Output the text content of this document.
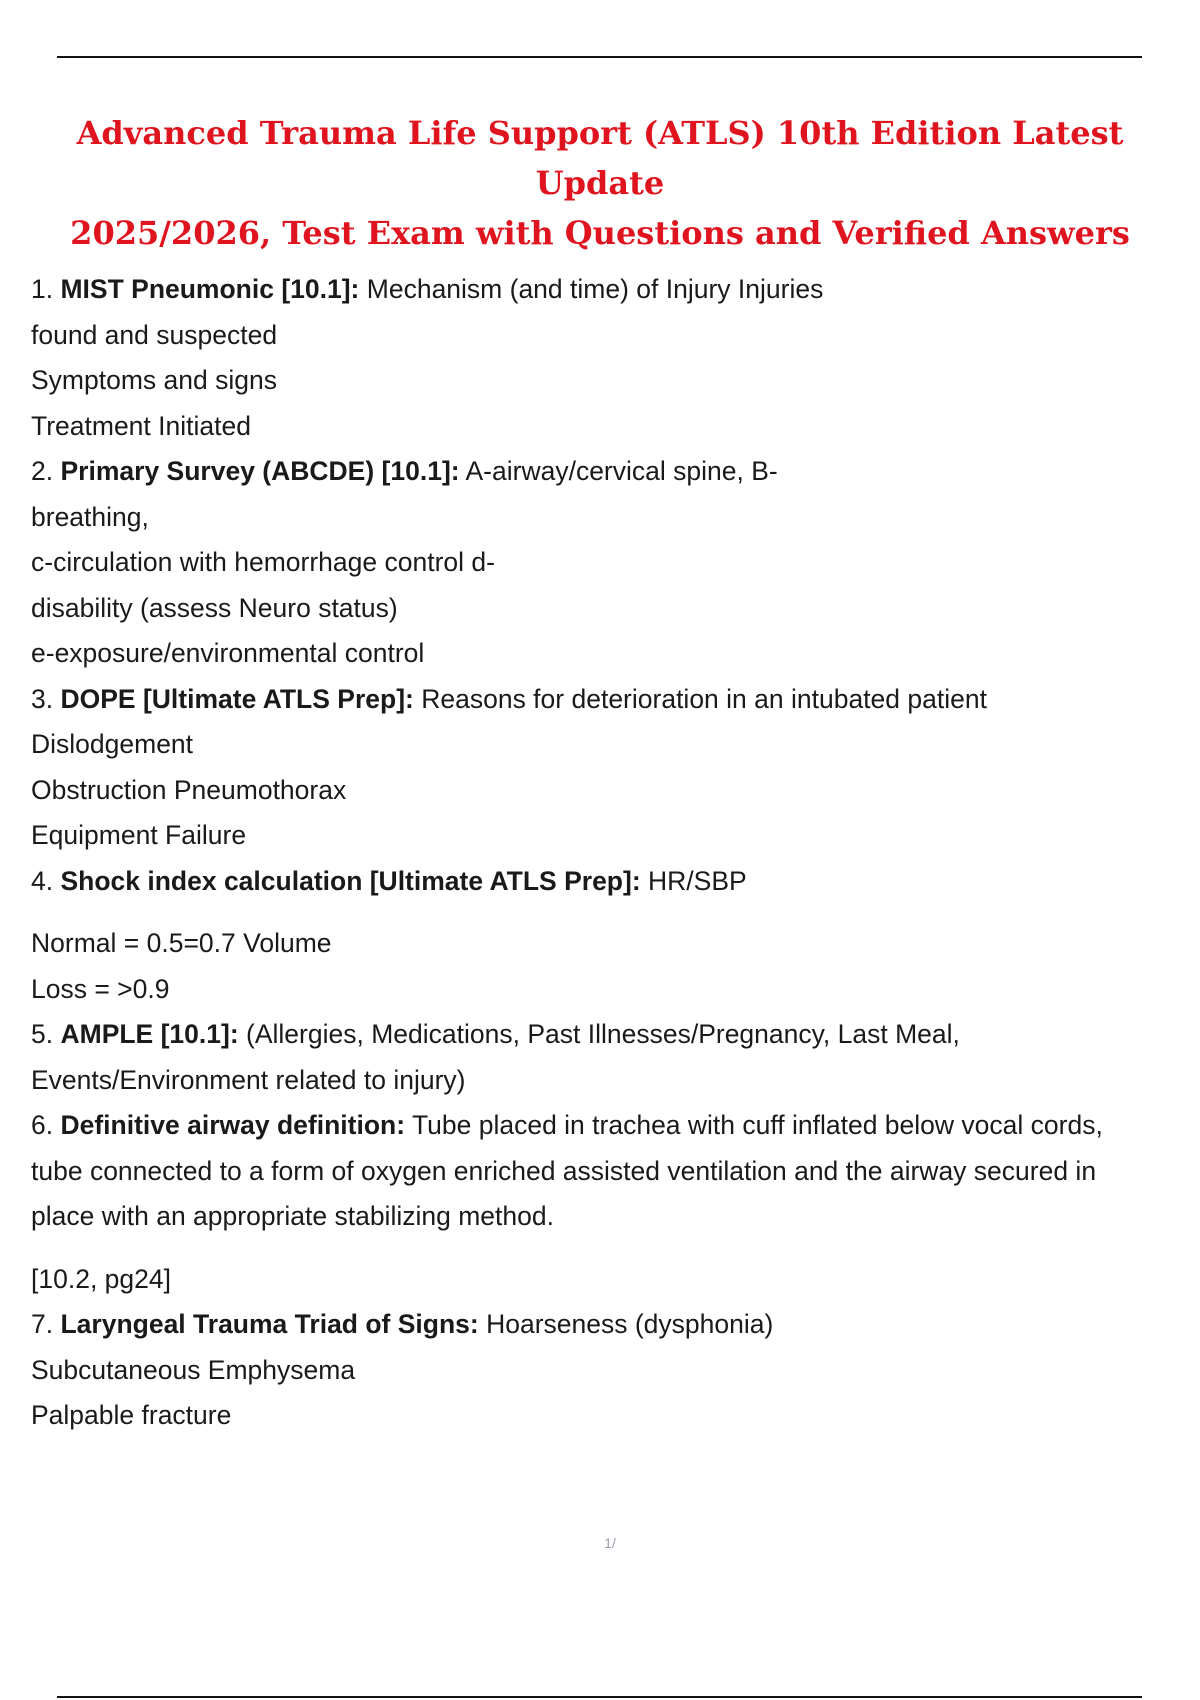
Advanced Trauma Life Support (ATLS) 10th Edition Latest Update
2025/2026, Test Exam with Questions and Verified Answers
1. MIST Pneumonic [10.1]: Mechanism (and time) of Injury Injuries
found and suspected
Symptoms and signs
Treatment Initiated
2. Primary Survey (ABCDE) [10.1]: A-airway/cervical spine, B-
breathing,
c-circulation with hemorrhage control d-
disability (assess Neuro status)
e-exposure/environmental control
3. DOPE [Ultimate ATLS Prep]: Reasons for deterioration in an intubated patient
Dislodgement
Obstruction Pneumothorax
Equipment Failure
4. Shock index calculation [Ultimate ATLS Prep]: HR/SBP
Normal = 0.5=0.7 Volume
Loss = >0.9
5. AMPLE [10.1]: (Allergies, Medications, Past Illnesses/Pregnancy, Last Meal,
Events/Environment related to injury)
6. Definitive airway definition: Tube placed in trachea with cuff inflated below vocal cords,
tube connected to a form of oxygen enriched assisted ventilation and the airway secured in
place with an appropriate stabilizing method.
[10.2, pg24]
7. Laryngeal Trauma Triad of Signs: Hoarseness (dysphonia)
Subcutaneous Emphysema
Palpable fracture
1/
